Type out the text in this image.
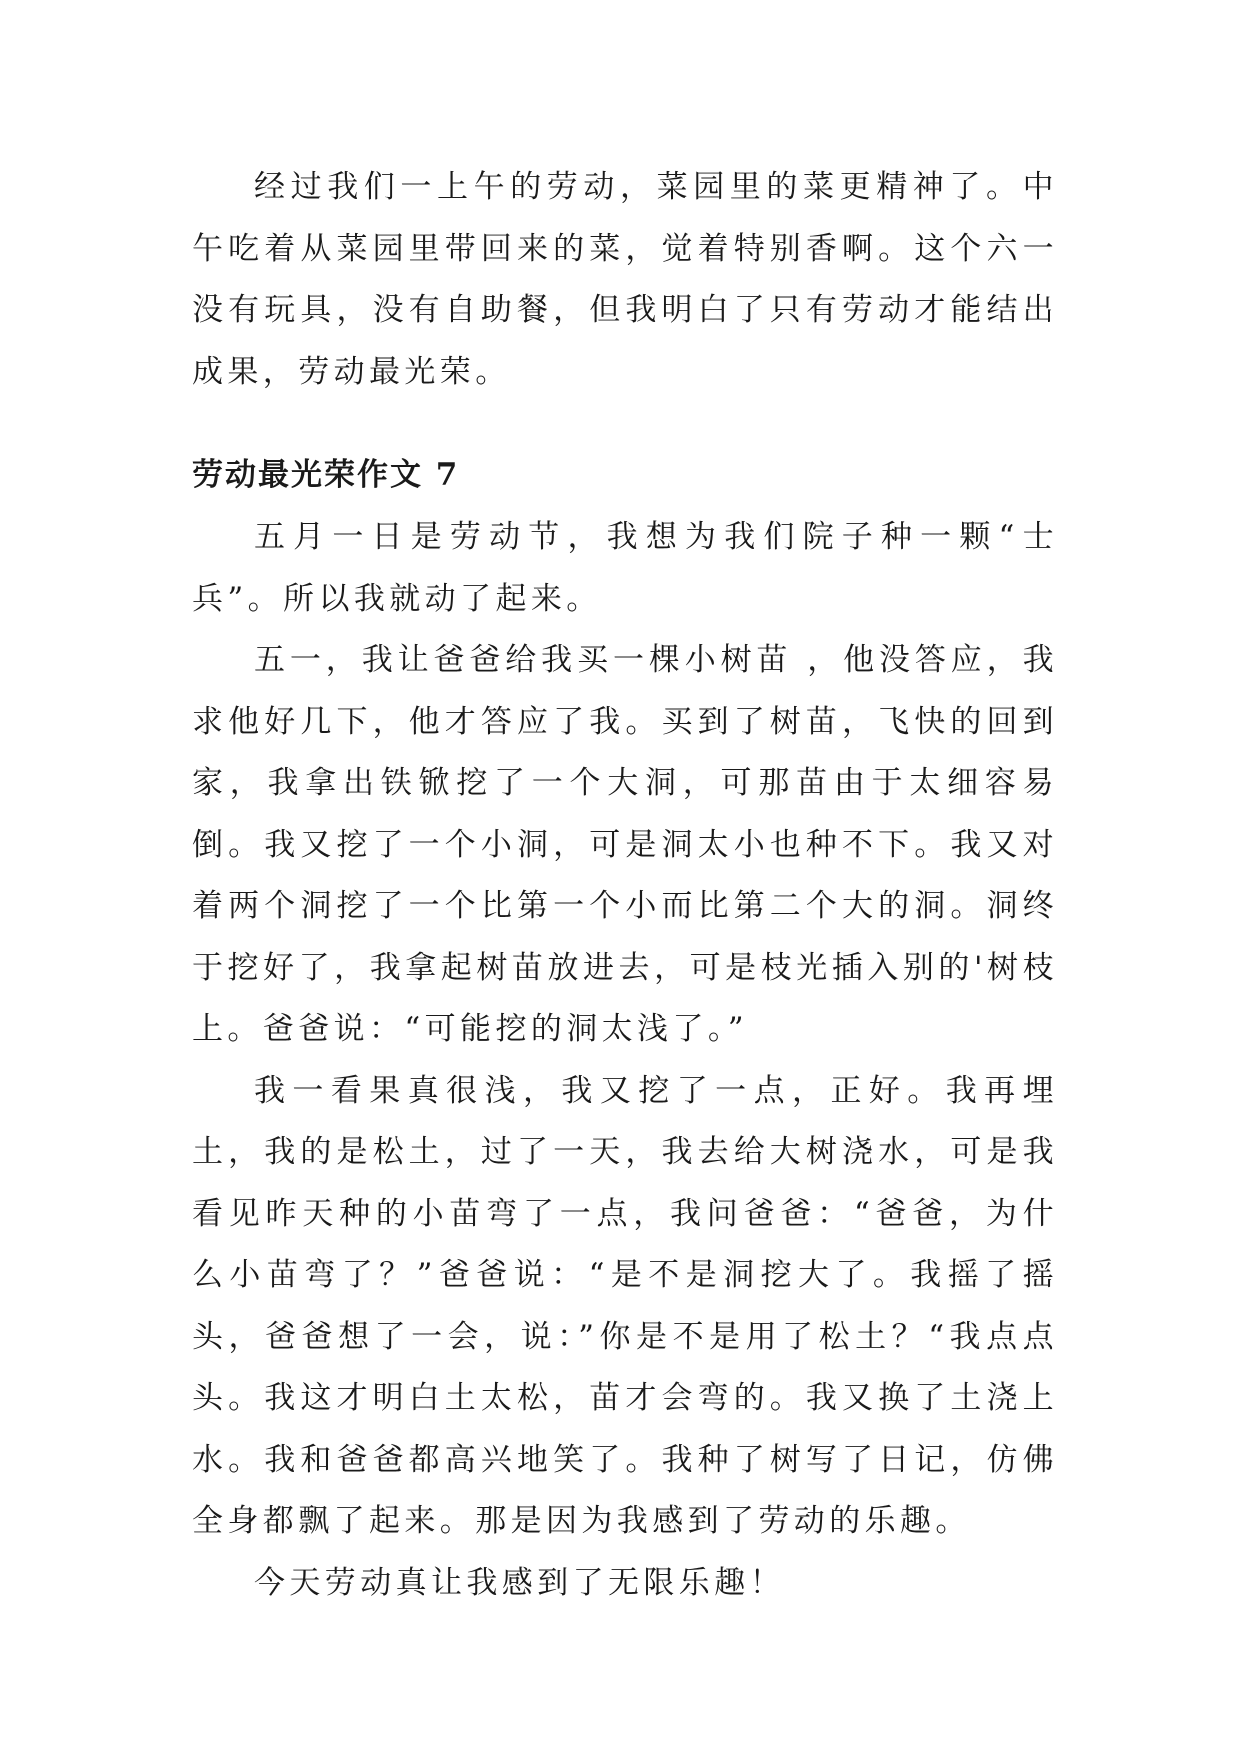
经过我们一上午的劳动，菜园里的菜更精神了。中午吃着从菜园里带回来的菜，觉着特别香啊。这个六一没有玩具，没有自助餐，但我明白了只有劳动才能结出成果，劳动最光荣。

劳动最光荣作文 7

五月一日是劳动节，我想为我们院子种一颗“士兵”。所以我就动了起来。

五一，我让爸爸给我买一棵小树苗 ，他没答应，我求他好几下，他才答应了我。买到了树苗，飞快的回到家，我拿出铁锨挖了一个大洞，可那苗由于太细容易倒。我又挖了一个小洞，可是洞太小也种不下。我又对着两个洞挖了一个比第一个小而比第二个大的洞。洞终于挖好了，我拿起树苗放进去，可是枝光插入别的'树枝上。爸爸说：“可能挖的洞太浅了。”

我一看果真很浅，我又挖了一点，正好。我再埋土，我的是松土，过了一天，我去给大树浇水，可是我看见昨天种的小苗弯了一点，我问爸爸：“爸爸，为什么小苗弯了？”爸爸说：“是不是洞挖大了。我摇了摇头，爸爸想了一会，说：”你是不是用了松土？“我点点头。我这才明白土太松，苗才会弯的。我又换了土浇上水。我和爸爸都高兴地笑了。我种了树写了日记，仿佛全身都飘了起来。那是因为我感到了劳动的乐趣。

今天劳动真让我感到了无限乐趣！
